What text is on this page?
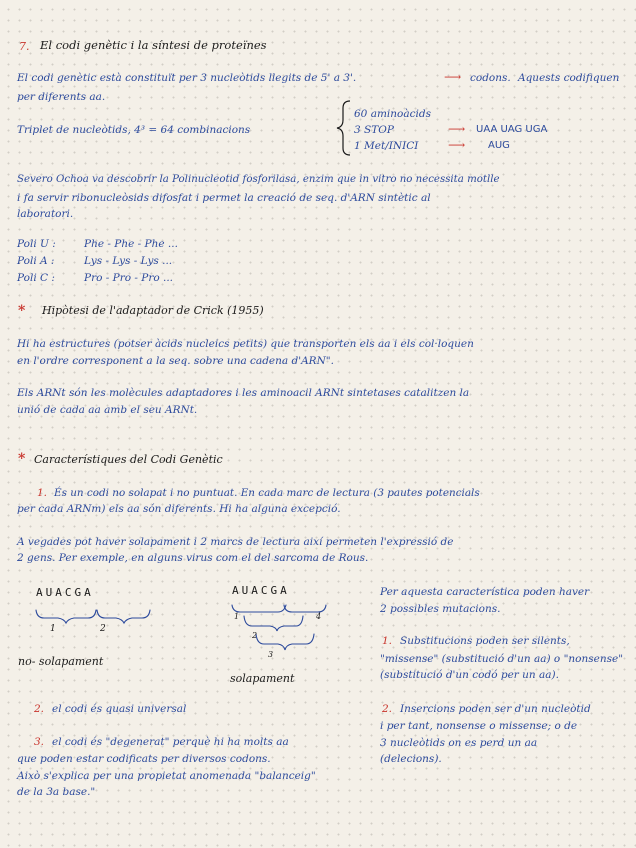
7. El codi genètic i la síntesi de proteïnes
El codi genètic està constituït per 3 nucleòtids llegits de 5' a 3'.	⟶ codons. Aquests codifiquen
per diferents aa.
Triplet de nucleòtids, 4³ = 64 combinacions
60 aminoàcids
3 STOP	⟶ UAA UAG UGA
1 Met/INICI ⟶ AUG
Severo Ochoa va descobrir la Polinucleotid fosforilasa, enzim que in vitro no necessita motlle
i fa servir ribonucleòsids difosfat i permet la creació de seq. d'ARN sintètic al
laboratori.
Poli U :	Phe - Phe - Phe ...
Poli A :	Lys - Lys - Lys ...
Poli C :	Pro - Pro - Pro ...
* Hipòtesi de l'adaptador de Crick (1955)
Hi ha estructures (potser àcids nucleics petits) que transporten els aa i els col·loquen
en l'ordre corresponent a la seq. sobre una cadena d'ARN".
Els ARNt són les molècules adaptadores i les aminoacil ARNt sintetases catalitzen la
unió de cada aa amb el seu ARNt.
* Característiques del Codi Genètic
1. És un codi no solapat i no puntuat. En cada marc de lectura (3 pautes potencials
per cada ARNm) els aa són diferents. Hi ha alguna excepció.
A vegades pot haver solapament i 2 marcs de lectura així permeten l'expressió de
2 gens. Per exemple, en alguns virus com el del sarcoma de Rous.
AUACGA	AUACGA
1	2
1	4
2
3
no- solapament
solapament
Per aquesta característica poden haver
2 possibles mutacions.
1. Substitucions poden ser silents,
"missense" (substitució d'un aa) o "nonsense"
(substitució d'un codó per un aa).
2. Insercions poden ser d'un nucleòtid
i per tant, nonsense o missense; o de
3 nucleòtids on es perd un aa
(delecions).
2. el codi és quasi universal
3. el codi és "degenerat" perquè hi ha molts aa
que poden estar codificats per diversos codons.
Això s'explica per una propietat anomenada "balanceig"
de la 3a base."
